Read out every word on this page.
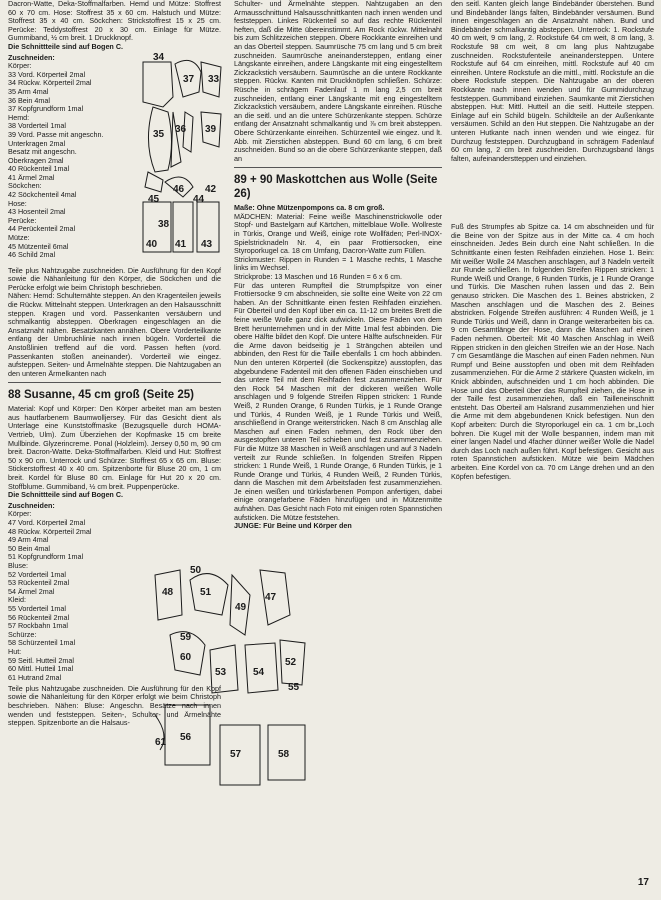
Dacron-Watte, Deka-Stoffmalfarben. Hemd und Mütze: Stoffrest 60 x 70 cm. Hose: Stoffrest 35 x 60 cm. Halstuch und Mütze: Stoffrest 35 x 40 cm. Söckchen: Strickstoffrest 15 x 25 cm. Perücke: Teddystoffrest 20 x 30 cm. Einlage für Mütze. Gummiband, ½ cm breit. 1 Druckknopf.

Die Schnittteile sind auf Bogen C.

Zuschneiden:

Körper:

33 Vord. Körperteil 2mal

34 Rückw. Körperteil 2mal

35 Arm 4mal

36 Bein 4mal

37 Kopfgrundform 1mal

Hemd:

38 Vorderteil 1mal

39 Vord. Passe mit angeschn. Unterkragen 2mal

Besatz mit angeschn. Oberkragen 2mal

40 Rückenteil 1mal

41 Ärmel 2mal

Söckchen:

42 Söckchenteil 4mal

Hose:

43 Hosenteil 2mal

Perücke:

44 Perückenteil 2mal

Mütze:

45 Mützenteil 6mal

46 Schild 2mal

34
37 33
35 36 39
46
44
45
42
38
40 41 43

Teile plus Nahtzugabe zuschneiden. Die Ausführung für den Kopf sowie die Nähanleitung für den Körper, die Söckchen und die Perücke erfolgt wie beim Christoph beschrieben.

Nähen: Hemd: Schulternähte steppen. An den Kragenteilen jeweils die Rückw. Mittelnaht steppen. Unterkragen an den Halsausschnitt steppen. Kragen und vord. Passenkanten versäubern und schmalkantig absteppen. Oberkragen eingeschlagen an die Ansatznaht nähen. Besatzkanten annähen. Obere Vorderteilkante entlang der Umbruchlinie nach innen bügeln. Vorderteil die Anstoßlinien treffend auf die vord. Passen heften (vord. Passenkanten stoßen aneinander). Vorderteil wie eingez. aufsteppen. Seiten- und Ärmelnähte steppen. Die Nahtzugaben an den unteren Ärmelkanten nach

88 Susanne, 45 cm groß (Seite 25)

Material: Kopf und Körper: Den Körper arbeitet man am besten aus hautfarbenem Baumwolljersey. Für das Gesicht dient als Unterlage eine Kunststoffmaske (Bezugsquelle durch HOMA-Vertrieb, Ulm). Zum Überziehen der Kopfmaske 15 cm breite Mullbinde. Glyzerincreme. Ponal (Holzleim). Jersey 0,50 m, 90 cm breit. Dacron-Watte. Deka-Stoffmalfarben. Kleid und Hut: Stoffrest 50 x 90 cm. Unterrock und Schürze: Stoffrest 65 x 65 cm. Bluse: Stickerstoffrest 40 x 40 cm. Spitzenborte für Bluse 20 cm, 1 cm breit. Kordel für Bluse 80 cm. Einlage für Hut 20 x 20 cm. Stoffblume. Gummiband, ½ cm breit. Puppenperücke.

Die Schnittteile sind auf Bogen C.

Zuschneiden:

Körper:

47 Vord. Körperteil 2mal

48 Rückw. Körperteil 2mal

49 Arm 4mal

50 Bein 4mal

51 Kopfgrundform 1mal

Bluse:

52 Vorderteil 1mal

53 Rückenteil 2mal

54 Ärmel 2mal

Kleid:

55 Vorderteil 1mal

56 Rückenteil 2mal

57 Rockbahn 1mal

Schürze:

58 Schürzenteil 1mal

Hut:

59 Seitl. Hutteil 2mal

60 Mittl. Hutteil 1mal

61 Hutrand 2mal

Teile plus Nahtzugabe zuschneiden. Die Ausführung für den Kopf sowie die Nähanleitung für den Körper erfolgt wie beim Christoph beschrieben. Nähen: Bluse: Angeschn. Besätze nach innen wenden und feststeppen. Seiten-, Schulter- und Ärmelnähte steppen. Spitzenborte an die Halsaus-

48	51
49
47
50
60
59
53	54
52
55
61 56
57	58

Schulter- und Ärmelnähte steppen. Nahtzugaben an den Armausschnittund Halsausschnittkanten nach innen wenden und feststeppen. Linkes Rückenteil so auf das rechte Rückenteil heften, daß die Mitte übereinstimmt. Am Rock rückw. Mittelnaht bis zum Schlitzzeichen steppen. Obere Rockkante einreihen und an das Oberteil steppen. Saumrüsche 75 cm lang und 5 cm breit zuschneiden. Saumrüsche aneinandersteppen, entlang einer Längskante einreihen, andere Längskante mit eing eingestelltem Zickzackstich versäubern. Saumrüsche an die untere Rockkante steppen. Rückw. Kanten mit Druckknöpfen schließen. Schürze: Rüsche in schrägem Fadenlauf 1 m lang 2,5 cm breit zuschneiden, entlang einer Längskante mit eng eingestelltem Zickzackstich versäubern, andere Längskante einreihen. Rüsche an die seitl. und an die untere Schürzenkante steppen. Schürze entlang der Ansatznaht schmalkantig und ⅞ cm breit absteppen. Obere Schürzenkante einreihen. Schürzenteil wie eingez. und lt. Abb. mit Zierstichen absteppen. Bund 60 cm lang, 6 cm breit zuschneiden. Bund so an die obere Schürzenkante steppen, daß an

89 + 90 Maskottchen aus Wolle (Seite 26)

Maße: Ohne Mützenpompons ca. 8 cm groß.

MÄDCHEN: Material: Feine weiße Maschinenstrickwolle oder Stopf- und Bastelgarn auf Kärtchen, mittelblaue Wolle. Wollreste in Türkis, Orange und Weiß, einige rote Wollfäden; Perl-INOX-Spielstricknadeln Nr. 4, ein paar Frottiersocken, eine Styroporkugel ca. 18 cm Umfang, Dacron-Watte zum Füllen.

Strickmuster: Rippen in Runden = 1 Masche rechts, 1 Masche links im Wechsel.

Strickprobe: 13 Maschen und 16 Runden = 6 x 6 cm.

Für das unteren Rumpfteil die Strumpfspitze von einer Frottiersocke 9 cm abschneiden, sie sollte eine Weite von 22 cm haben. An der Schnittkante einen festen Reihfaden einziehen. Für Oberteil und den Kopf über ein ca. 11-12 cm breites Brett die feine weiße Wolle ganz dick aufwickeln. Diese Fäden von dem Brett herunternehmen und in der Mitte 1mal fest abbinden. Die obere Hälfte bildet den Kopf. Die untere Hälfte aufschneiden. Für die Arme davon beidseitig je 1 Strängchen abteilen und abbinden, den Rest für die Taille ebenfalls 1 cm hoch abbinden. Nun den unteren Körperteil (die Sockenspitze) ausstopfen, das abgebundene Fadenteil mit den offenen Fäden einschieben und das untere Teil mit dem Reihfaden fest zusammenziehen. Für den Rock 54 Maschen mit der dickeren weißen Wolle anschlagen und 9 folgende Streifen Rippen stricken: 1 Runde Weiß, 2 Runden Orange, 6 Runden Türkis, je 1 Runde Orange und Türkis, 4 Runden Weiß, je 1 Runde Türkis und Weiß, anschließend in Orange weiterstricken. Nach 8 cm Anschlag alle Maschen auf einen Faden nehmen, den Rock über den ausgestopften unteren Teil schieben und fest zusammenziehen. Für die Mütze 38 Maschen in Weiß anschlagen und auf 3 Nadeln verteilt zur Runde schließen. In folgenden Streifen Rippen stricken: 1 Runde Weiß, 1 Runde Orange, 6 Runden Türkis, je 1 Runde Orange und Türkis, 4 Runden Weiß, 2 Runden Türkis, dann die Maschen mit dem Arbeitsfaden fest zusammenziehen. Je einen weißen und türkisfarbenen Pompon anfertigen, dabei einige orangefarbene Fäden hinzufügen und in Mützenmitte aufnähen. Das Gesicht nach Foto mit einigen roten Spannstichen aufsticken. Die Mütze feststehen.

JUNGE: Für Beine und Körper den

den seitl. Kanten gleich lange Bindebänder überstehen. Bund und Bindebänder längs falten, Bindebänder versäumen. Bund innen eingeschlagen an die Ansatznaht nähen. Bund und Bindebänder schmalkantig absteppen. Unterrock: 1. Rockstufe 40 cm weit, 9 cm lang, 2. Rockstufe 64 cm weit, 8 cm lang, 3. Rockstufe 98 cm weit, 8 cm lang plus Nahtzugabe zuschneiden. Rockstufenteile aneinandersteppen. Untere Rockstufe auf 64 cm einreihen, mittl. Rockstufe auf 40 cm einreihen. Untere Rockstufe an die mittl., mittl. Rockstufe an die obere Rockstufe steppen. Die Nahtzugabe an der oberen Rockkante nach innen wenden und für Gummidurchzug feststeppen. Gummiband einziehen. Saumkante mit Zierstichen absteppen. Hut: Mittl. Hutteil an die seitl. Hutteile steppen. Einlage auf ein Schild bügeln. Schildteile an der Außenkante versäumen. Schild an den Hut steppen. Die Nahtzugabe an der unteren Hutkante nach innen wenden und wie eingez. für Durchzug feststeppen. Durchzugband in schrägem Fadenlauf 60 cm lang, 2 cm breit zuschneiden. Durchzugsband längs falten, aufeinanderstteppen und einziehen.

Fuß des Strumpfes ab Spitze ca. 14 cm abschneiden und für die Beine von der Spitze aus in der Mitte ca. 4 cm hoch einschneiden. Jedes Bein durch eine Naht schließen. In die Schnittkante einen festen Reihfaden einziehen. Hose 1. Bein: Mit weißer Wolle 24 Maschen anschlagen, auf 3 Nadeln verteilt zur Runde schließen. In folgenden Streifen Rippen stricken: 1 Runde Weiß und Orange, 6 Runden Türkis, je 1 Runde Orange und Türkis. Die Maschen ruhen lassen und das 2. Bein genauso stricken. Die Maschen des 1. Beines abstricken, 2 Maschen anschlagen und die Maschen des 2. Beines abstricken. Folgende Streifen ausführen: 4 Runden Weiß, je 1 Runde Türkis und Weiß, dann in Orange weiterarbeiten bis ca. 9 cm Gesamtlänge der Hose, dann die Maschen auf einen Faden nehmen. Oberteil: Mit 40 Maschen Anschlag in Weiß Rippen stricken in den gleichen Streifen wie an der Hose. Nach 7 cm Gesamtlänge die Maschen auf einen Faden nehmen. Nun Rumpf und Beine ausstopfen und oben mit dem Reihfaden zusammenziehen. Für die Arme 2 stärkere Quasten wickeln, im Knick abbinden, aufschneiden und 1 cm hoch abbinden. Die Hose und das Oberteil über das Rumpfteil ziehen, die Hose in der Taille fest zusammenziehen, daß ein Tailleneinschnitt entsteht. Das Oberteil am Halsrand zusammenziehen und hier die Arme mit dem abgebundenen Knick befestigen. Nun den Kopf arbeiten: Durch die Styroporkugel ein ca. 1 cm br.„Loch bohren. Die Kugel mit der Wolle bespannen, indem man mit einer langen Nadel und 4facher dünner weißer Wolle die Nadel durch das Loch nach außen führt. Kopf befestigen. Gesicht aus roten Spannstichen aufsticken. Mütze wie beim Mädchen arbeiten. Eine Kordel von ca. 70 cm Länge drehen und an den Köpfen befestigen.

17
